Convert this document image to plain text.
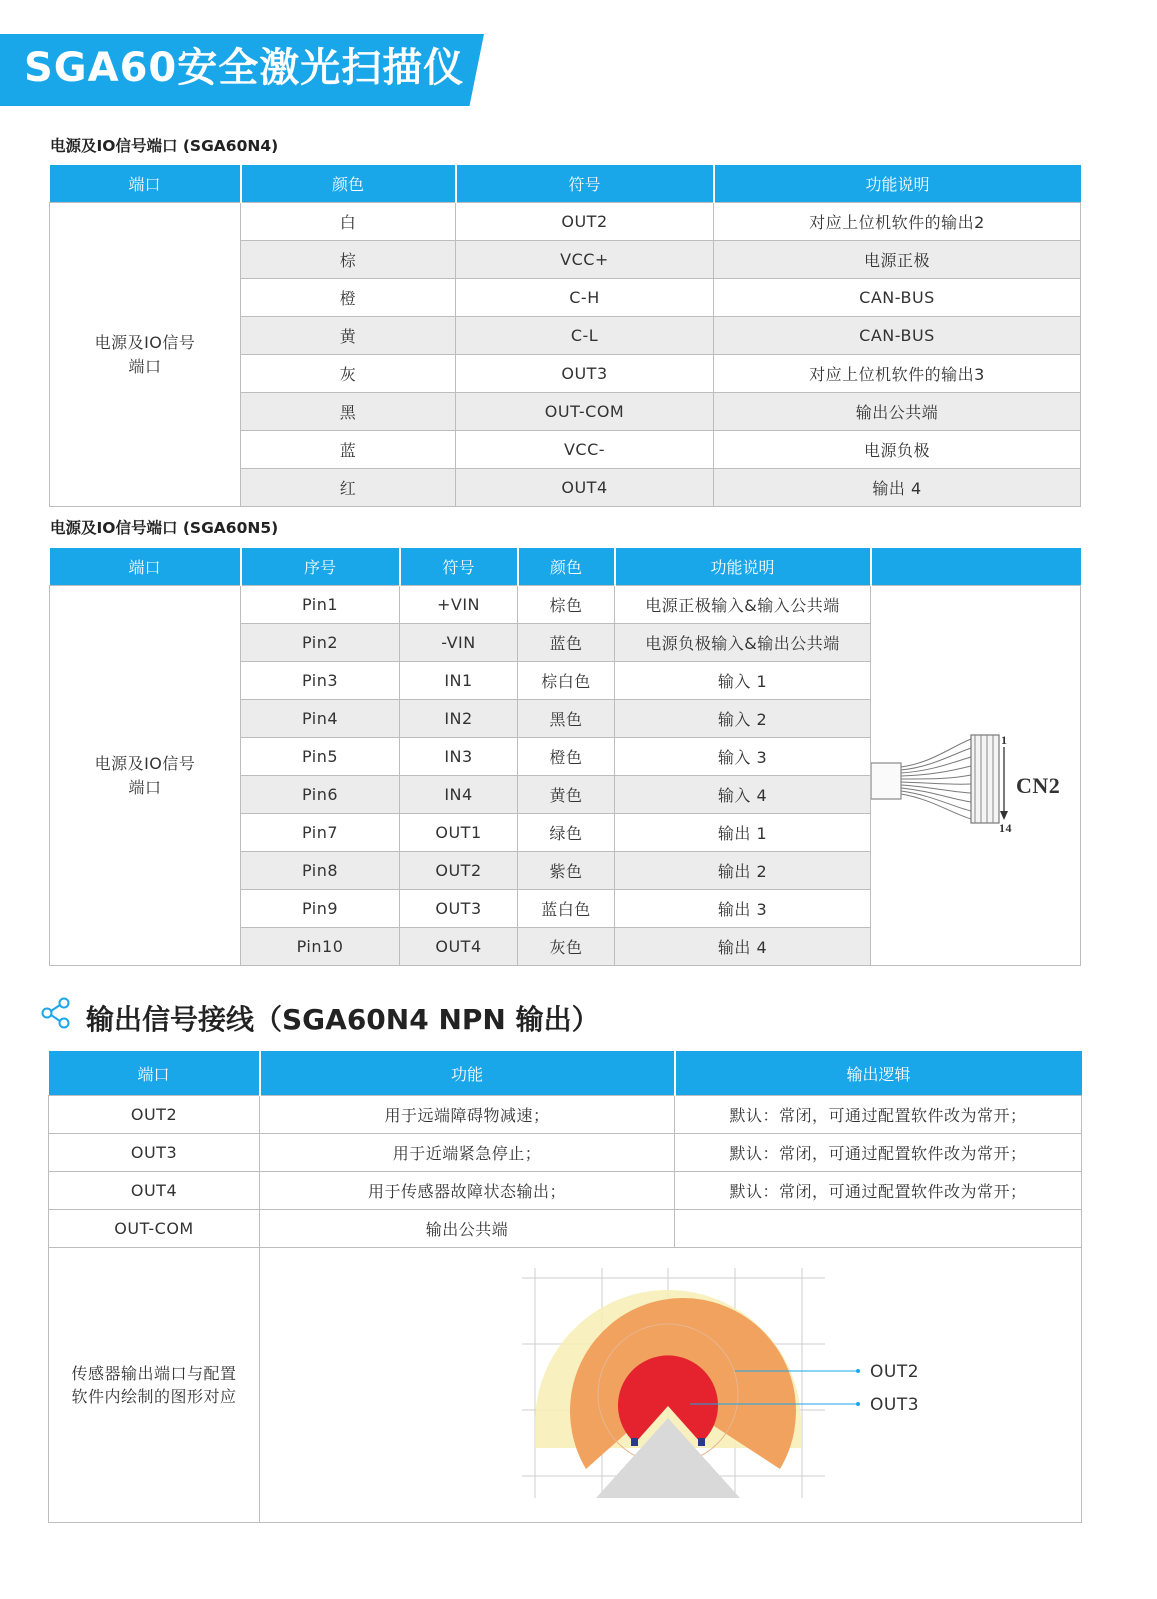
SGA60安全激光扫描仪
电源及IO信号端口 (SGA60N4)
端口	颜色	符号	功能说明

电源及IO信号端口	白	OUT2	对应上位机软件的输出2
	棕	VCC+	电源正极
	橙	C-H	CAN-BUS
	黄	C-L	CAN-BUS
	灰	OUT3	对应上位机软件的输出3
	黑	OUT-COM	输出公共端
	蓝	VCC-	电源负极
	红	OUT4	输出 4
电源及IO信号端口 (SGA60N5)
端口	序号	符号	颜色	功能说明	

电源及IO信号端口	Pin1	+VIN	棕色	电源正极输入&输入公共端	1
14
CN2

	Pin2	-VIN	蓝色	电源负极输入&输出公共端	
	Pin3	IN1	棕白色	输入 1	
	Pin4	IN2	黑色	输入 2	
	Pin5	IN3	橙色	输入 3	
	Pin6	IN4	黄色	输入 4	
	Pin7	OUT1	绿色	输出 1	
	Pin8	OUT2	紫色	输出 2	
	Pin9	OUT3	蓝白色	输出 3	
	Pin10	OUT4	灰色	输出 4	
输出信号接线（SGA60N4 NPN 输出）
端口	功能	输出逻辑
OUT2	用于远端障碍物减速；	默认：常闭，可通过配置软件改为常开；
OUT3	用于近端紧急停止；	默认：常闭，可通过配置软件改为常开；
OUT4	用于传感器故障状态输出；	默认：常闭，可通过配置软件改为常开；
OUT-COM	输出公共端	

传感器输出端口与配置软件内绘制的图形对应	OUT2
OUT3	
